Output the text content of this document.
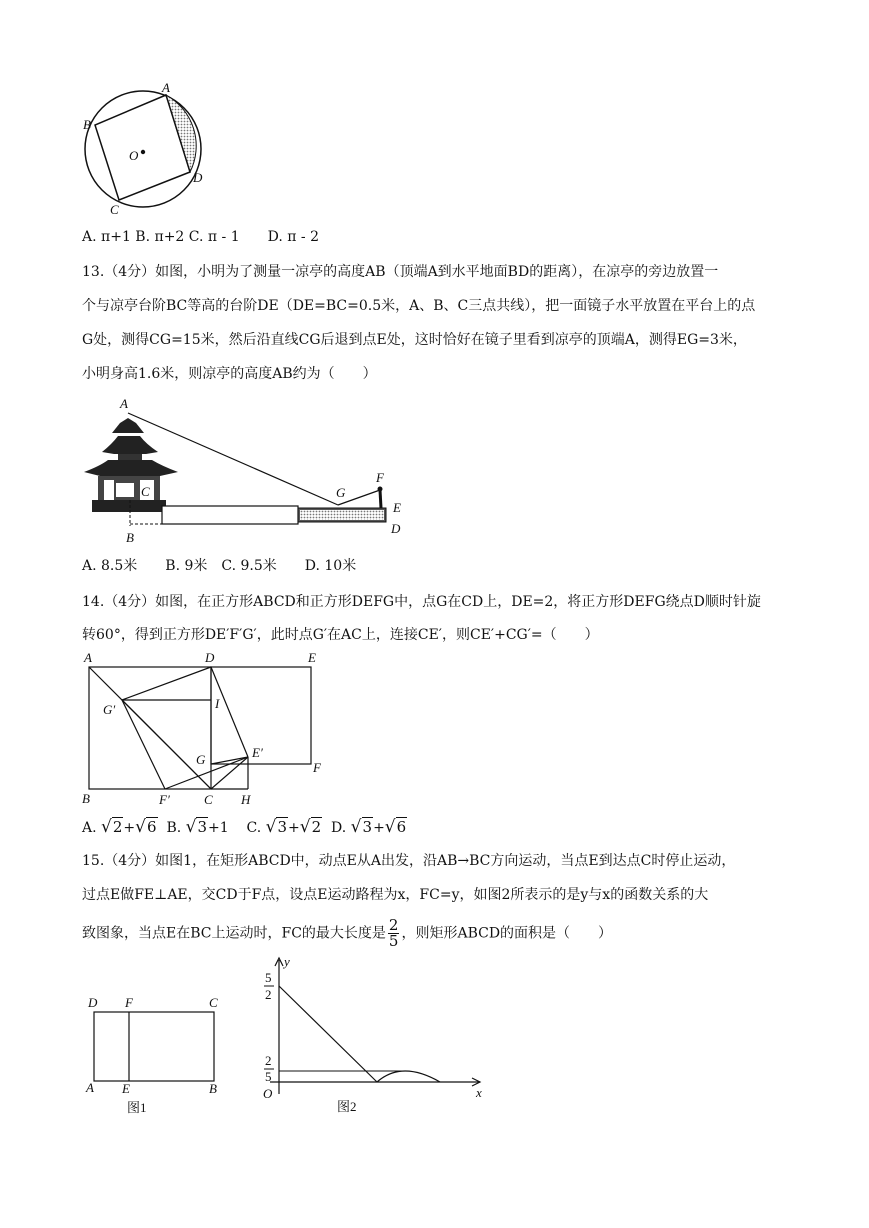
A
B
C
D
O
A
C
B
G
F
E
D
A	D	E
G′	I
G	E′
F
B	F′	C H
D F	C
A E	B
图1
y
x
O
5
2
2
5
图2
A. π+1 B. π+2 C. π - 1　　D. π - 2
13.（4分）如图，小明为了测量一凉亭的高度AB（顶端A到水平地面BD的距离），在凉亭的旁边放置一
个与凉亭台阶BC等高的台阶DE（DE=BC=0.5米，A、B、C三点共线），把一面镜子水平放置在平台上的点
G处，测得CG=15米，然后沿直线CG后退到点E处，这时恰好在镜子里看到凉亭的顶端A，测得EG=3米，
小明身高1.6米，则凉亭的高度AB约为（　　）
A. 8.5米　　B. 9米　C. 9.5米　　D. 10米
14.（4分）如图，在正方形ABCD和正方形DEFG中，点G在CD上，DE=2，将正方形DEFG绕点D顺时针旋
转60°，得到正方形DE′F′G′，此时点G′在AC上，连接CE′，则CE′+CG′=（　　）
A. √2+√6 B. √3+1 C. √3+√2 D. √3+√6
15.（4分）如图1，在矩形ABCD中，动点E从A出发，沿AB→BC方向运动，当点E到达点C时停止运动，
过点E做FE⊥AE，交CD于F点，设点E运动路程为x，FC=y，如图2所表示的是y与x的函数关系的大
致图象，当点E在BC上运动时，FC的最大长度是 $\frac{2}{5}$ ，则矩形ABCD的面积是（　　）
